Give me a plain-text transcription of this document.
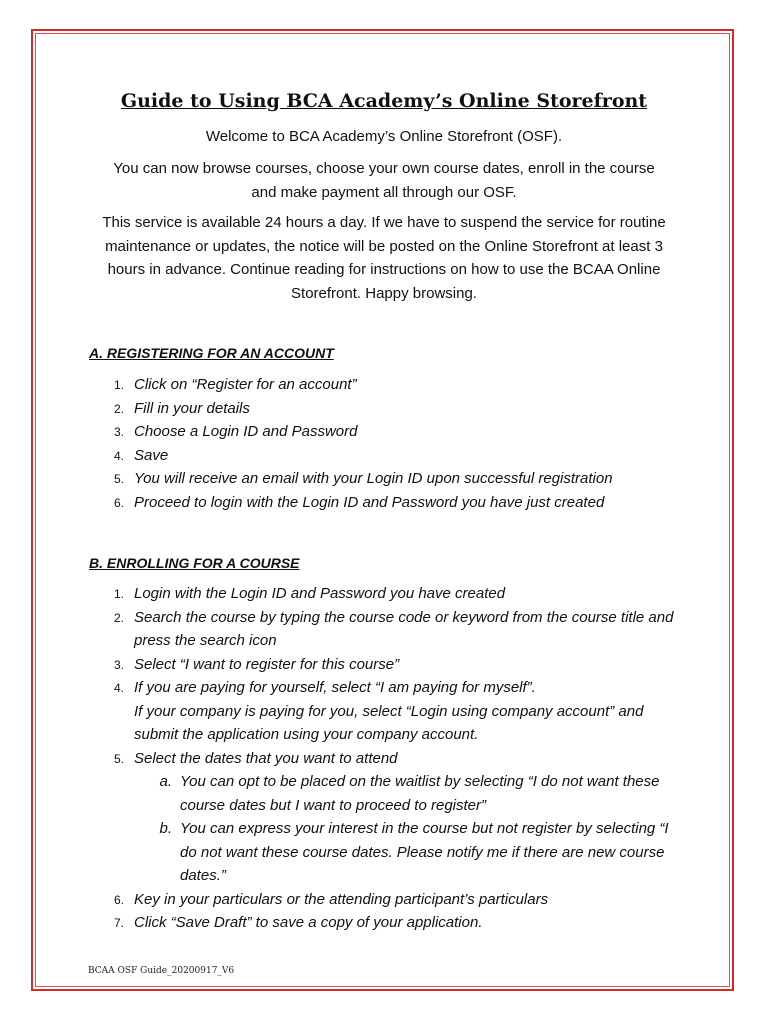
Guide to Using BCA Academy’s Online Storefront
Welcome to BCA Academy’s Online Storefront (OSF).
You can now browse courses, choose your own course dates, enroll in the course and make payment all through our OSF.
This service is available 24 hours a day. If we have to suspend the service for routine maintenance or updates, the notice will be posted on the Online Storefront at least 3 hours in advance. Continue reading for instructions on how to use the BCAA Online Storefront. Happy browsing.
A. REGISTERING FOR AN ACCOUNT
1. Click on “Register for an account”
2. Fill in your details
3. Choose a Login ID and Password
4. Save
5. You will receive an email with your Login ID upon successful registration
6. Proceed to login with the Login ID and Password you have just created
B. ENROLLING FOR A COURSE
1. Login with the Login ID and Password you have created
2. Search the course by typing the course code or keyword from the course title and press the search icon
3. Select “I want to register for this course”
4. If you are paying for yourself, select “I am paying for myself”.
If your company is paying for you, select “Login using company account” and submit the application using your company account.
5. Select the dates that you want to attend
a. You can opt to be placed on the waitlist by selecting “I do not want these course dates but I want to proceed to register”
b. You can express your interest in the course but not register by selecting “I do not want these course dates. Please notify me if there are new course dates.”
6. Key in your particulars or the attending participant’s particulars
7. Click “Save Draft” to save a copy of your application.
BCAA OSF Guide_20200917_V6
